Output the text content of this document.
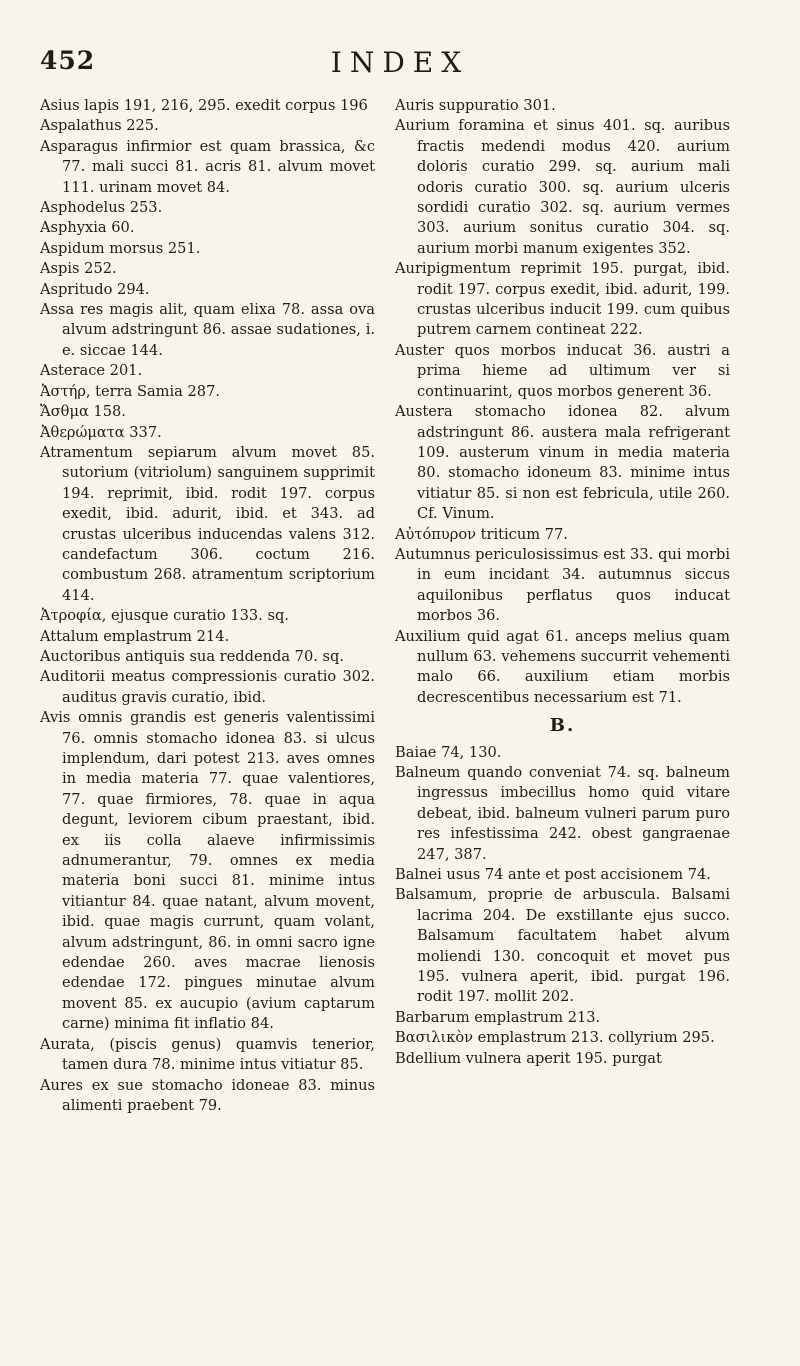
452	INDEX

Asius lapis 191, 216, 295. exedit corpus 196

Aspalathus 225.

Asparagus infirmior est quam brassica, &c 77. mali succi 81. acris 81. alvum movet 111. urinam movet 84.

Asphodelus 253.

Asphyxia 60.

Aspidum morsus 251.

Aspis 252.

Aspritudo 294.

Assa res magis alit, quam elixa 78. assa ova alvum adstringunt 86. assae sudationes, i. e. siccae 144.

Asterace 201.

Ἀστήρ, terra Samia 287.

Ἄσθμα 158.

Ἀθερώματα 337.

Atramentum sepiarum alvum movet 85. sutorium (vitriolum) sanguinem supprimit 194. reprimit, ibid. rodit 197. corpus exedit, ibid. adurit, ibid. et 343. ad crustas ulceribus inducendas valens 312. candefactum 306. coctum 216. combustum 268. atramentum scriptorium 414.

Ἀτροφία, ejusque curatio 133. sq.

Attalum emplastrum 214.

Auctoribus antiquis sua reddenda 70. sq.

Auditorii meatus compressionis curatio 302. auditus gravis curatio, ibid.

Avis omnis grandis est generis valentissimi 76. omnis stomacho idonea 83. si ulcus implendum, dari potest 213. aves omnes in media materia 77. quae valentiores, 77. quae firmiores, 78. quae in aqua degunt, leviorem cibum praestant, ibid. ex iis colla alaeve infirmissimis adnumerantur, 79. omnes ex media materia boni succi 81. minime intus vitiantur 84. quae natant, alvum movent, ibid. quae magis currunt, quam volant, alvum adstringunt, 86. in omni sacro igne edendae 260. aves macrae lienosis edendae 172. pingues minutae alvum movent 85. ex aucupio (avium captarum carne) minima fit inflatio 84.

Aurata, (piscis genus) quamvis tenerior, tamen dura 78. minime intus vitiatur 85.

Aures ex sue stomacho idoneae 83. minus alimenti praebent 79.

Auris suppuratio 301.

Aurium foramina et sinus 401. sq. auribus fractis medendi modus 420. aurium doloris curatio 299. sq. aurium mali odoris curatio 300. sq. aurium ulceris sordidi curatio 302. sq. aurium vermes 303. aurium sonitus curatio 304. sq. aurium morbi manum exigentes 352.

Auripigmentum reprimit 195. purgat, ibid. rodit 197. corpus exedit, ibid. adurit, 199. crustas ulceribus inducit 199. cum quibus putrem carnem contineat 222.

Auster quos morbos inducat 36. austri a prima hieme ad ultimum ver si continuarint, quos morbos generent 36.

Austera stomacho idonea 82. alvum adstringunt 86. austera mala refrigerant 109. austerum vinum in media materia 80. stomacho idoneum 83. minime intus vitiatur 85. si non est febricula, utile 260. Cf. Vinum.

Αὐτόπυρον triticum 77.

Autumnus periculosissimus est 33. qui morbi in eum incidant 34. autumnus siccus aquilonibus perflatus quos inducat morbos 36.

Auxilium quid agat 61. anceps melius quam nullum 63. vehemens succurrit vehementi malo 66. auxilium etiam morbis decrescentibus necessarium est 71.

B.

Baiae 74, 130.

Balneum quando conveniat 74. sq. balneum ingressus imbecillus homo quid vitare debeat, ibid. balneum vulneri parum puro res infestissima 242. obest gangraenae 247, 387.

Balnei usus 74 ante et post accisionem 74.

Balsamum, proprie de arbuscula. Balsami lacrima 204. De exstillante ejus succo. Balsamum facultatem habet alvum moliendi 130. concoquit et movet pus 195. vulnera aperit, ibid. purgat 196. rodit 197. mollit 202.

Barbarum emplastrum 213.

Βασιλικὸν emplastrum 213. collyrium 295.

Bdellium vulnera aperit 195. purgat
